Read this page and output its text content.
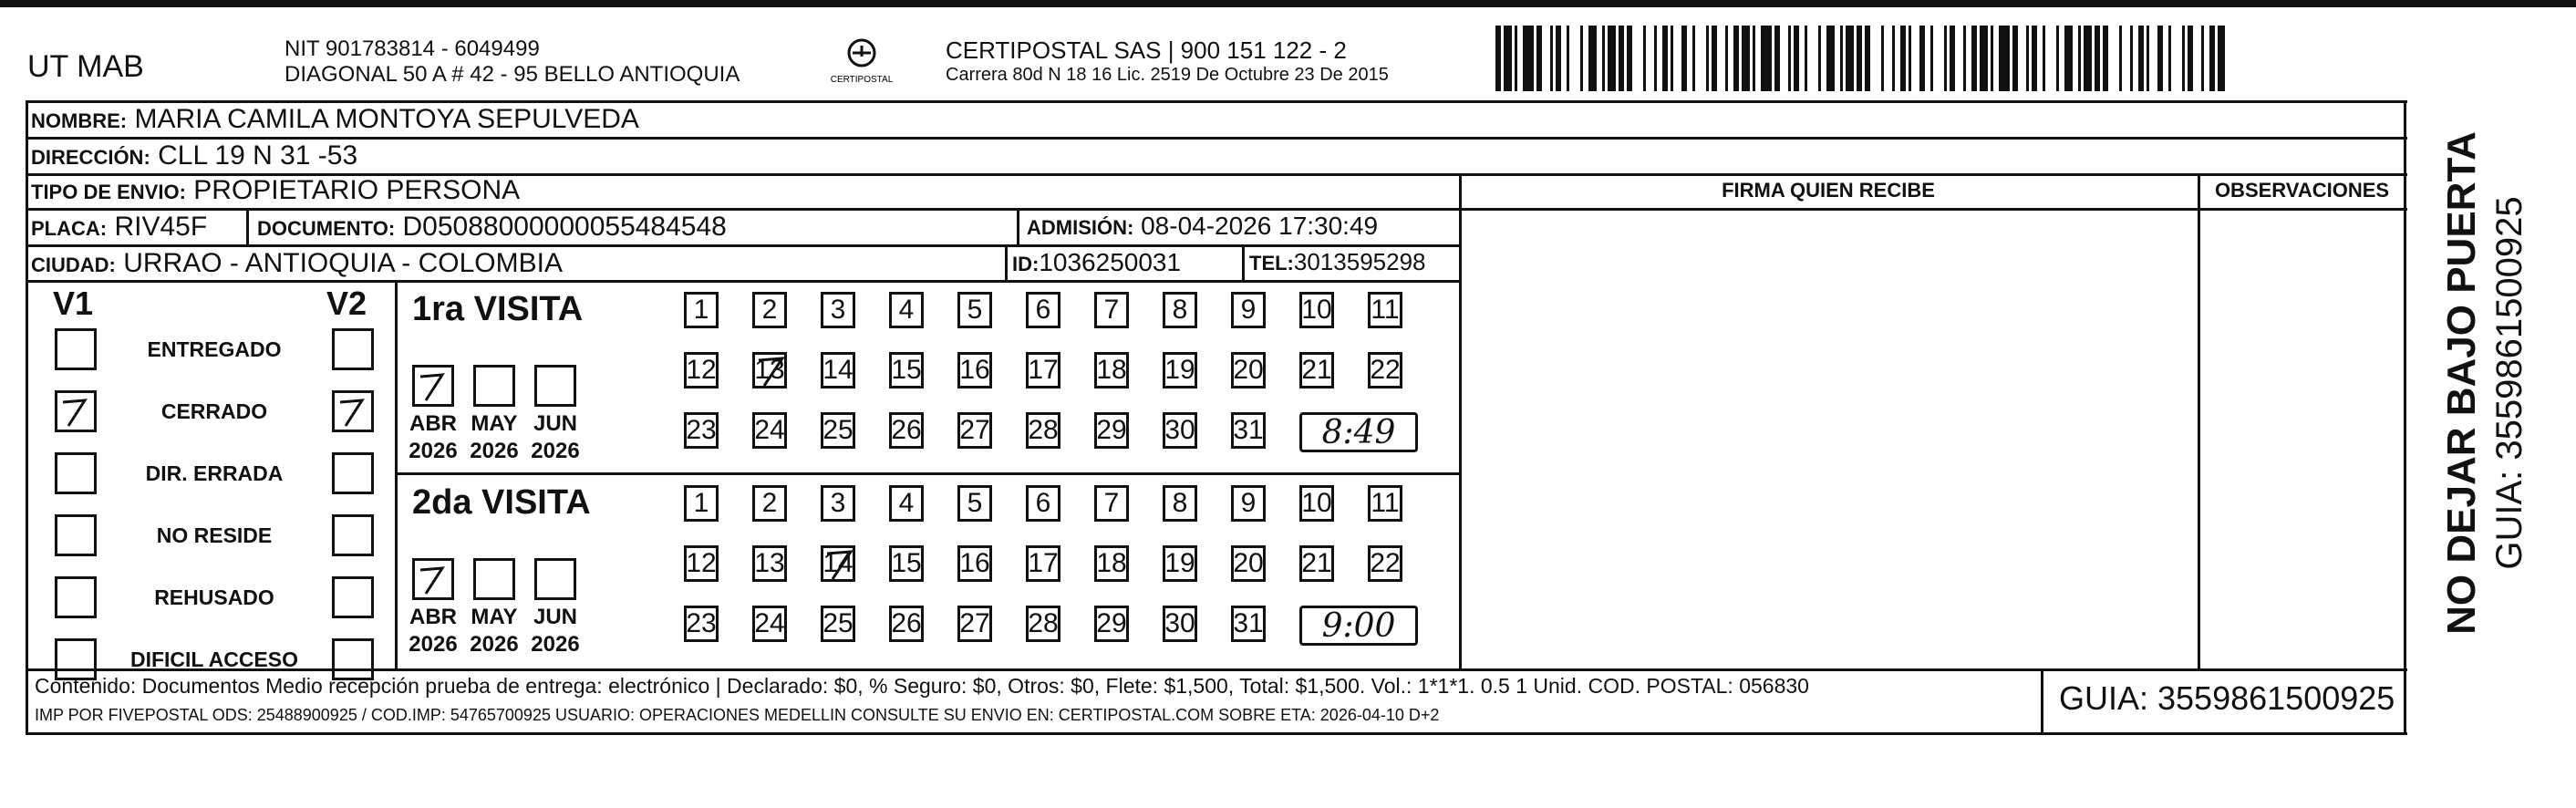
UT MAB
NIT 901783814 - 6049499
DIAGONAL 50 A # 42 - 95 BELLO ANTIOQUIA	CERTIPOSTAL
CERTIPOSTAL SAS | 900 151 122 - 2
Carrera 80d N 18 16 Lic. 2519 De Octubre 23 De 2015
NOMBRE: MARIA CAMILA MONTOYA SEPULVEDA
DIRECCIÓN: CLL 19 N 31 -53
TIPO DE ENVIO: PROPIETARIO PERSONA	FIRMA QUIEN RECIBE	OBSERVACIONES
PLACA: RIV45F DOCUMENTO: D05088000000055484548	ADMISIÓN: 08-04-2026 17:30:49
CIUDAD: URRAO - ANTIOQUIA - COLOMBIA	ID:1036250031	TEL:3013595298
V1	V2
ENTREGADO
CERRADO
DIR. ERRADA
NO RESIDE
REHUSADO
DIFICIL ACCESO
1ra VISITA
2da VISITA
ABR
2026
MAY
2026
JUN
2026
1	2	3	4	5	6	7	8	9	10 11
12 13 14 15 16 17 18 19 20 21 22
23 24 25 26 27 28 29 30 31	8:49
ABR
2026
MAY
2026
JUN
2026
1	2	3	4	5	6	7	8	9	10 11
12 13 14 15 16 17 18 19 20 21 22
23 24 25 26 27 28 29 30 31	9:00
Contenido: Documentos Medio recepción prueba de entrega: electrónico | Declarado: $0, % Seguro: $0, Otros: $0, Flete: $1,500, Total: $1,500. Vol.: 1*1*1. 0.5 1 Unid. COD. POSTAL: 056830
IMP POR FIVEPOSTAL ODS: 25488900925 / COD.IMP: 54765700925 USUARIO: OPERACIONES MEDELLIN CONSULTE SU ENVIO EN: CERTIPOSTAL.COM SOBRE ETA: 2026-04-10 D+2	GUIA: 3559861500925
NO DEJAR BAJO PUERTA GUIA: 3559861500925
